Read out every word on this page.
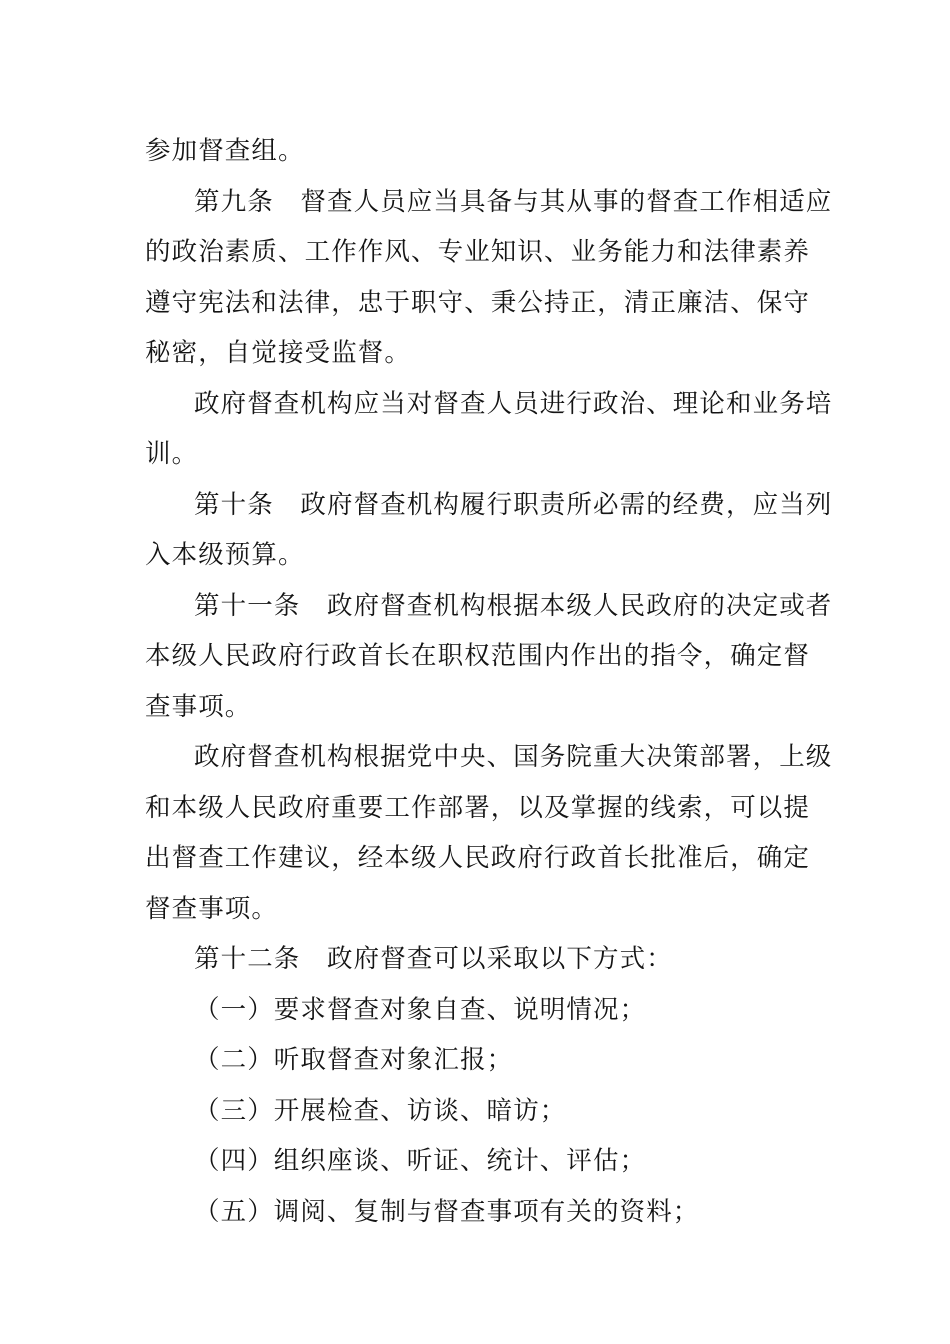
参加督查组。
第九条　督查人员应当具备与其从事的督查工作相适应
的政治素质、工作作风、专业知识、业务能力和法律素养
遵守宪法和法律，忠于职守、秉公持正，清正廉洁、保守
秘密，自觉接受监督。
政府督查机构应当对督查人员进行政治、理论和业务培
训。
第十条　政府督查机构履行职责所必需的经费，应当列
入本级预算。
第十一条　政府督查机构根据本级人民政府的决定或者
本级人民政府行政首长在职权范围内作出的指令，确定督
查事项。
政府督查机构根据党中央、国务院重大决策部署，上级
和本级人民政府重要工作部署，以及掌握的线索，可以提
出督查工作建议，经本级人民政府行政首长批准后，确定
督查事项。
第十二条　政府督查可以采取以下方式：
（一）要求督查对象自查、说明情况；
（二）听取督查对象汇报；
（三）开展检查、访谈、暗访；
（四）组织座谈、听证、统计、评估；
（五）调阅、复制与督查事项有关的资料；
